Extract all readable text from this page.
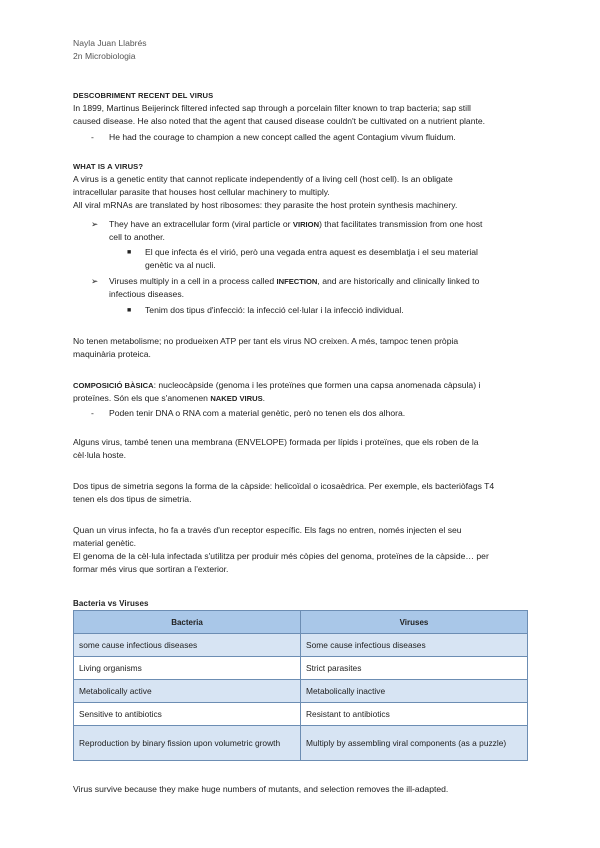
Nayla Juan Llabrés
2n Microbiologia
DESCOBRIMENT RECENT DEL VIRUS
In 1899, Martinus Beijerinck filtered infected sap through a porcelain filter known to trap bacteria; sap still
caused disease. He also noted that the agent that caused disease couldn't be cultivated on a nutrient plante.
- He had the courage to champion a new concept called the agent Contagium vivum fluidum.
WHAT IS A VIRUS?
A virus is a genetic entity that cannot replicate independently of a living cell (host cell). Is an obligate
intracellular parasite that houses host cellular machinery to multiply.
All viral mRNAs are translated by host ribosomes: they parasite the host protein synthesis machinery.
➢ They have an extracellular form (viral particle or VIRION) that facilitates transmission from one host
cell to another.
■ El que infecta és el virió, però una vegada entra aquest es desemblatja i el seu material
genètic va al nucli.
➢ Viruses multiply in a cell in a process called INFECTION, and are historically and clinically linked to
infectious diseases.
■ Tenim dos tipus d'infecció: la infecció cel·lular i la infecció individual.
No tenen metabolisme; no produeixen ATP per tant els virus NO creixen. A més, tampoc tenen pròpia
maquinària proteica.
COMPOSICIÓ BÀSICA: nucleocàpside (genoma i les proteïnes que formen una capsa anomenada càpsula) i
proteïnes. Són els que s'anomenen NAKED VIRUS.
- Poden tenir DNA o RNA com a material genètic, però no tenen els dos alhora.
Alguns virus, també tenen una membrana (ENVELOPE) formada per lípids i proteïnes, que els roben de la
cèl·lula hoste.
Dos tipus de simetria segons la forma de la càpside: helicoïdal o icosaèdrica. Per exemple, els bacteriòfags T4
tenen els dos tipus de simetria.
Quan un virus infecta, ho fa a través d'un receptor específic. Els fags no entren, només injecten el seu
material genètic.
El genoma de la cèl·lula infectada s'utilitza per produir més còpies del genoma, proteïnes de la càpside… per
formar més virus que sortiran a l'exterior.
Bacteria vs Viruses
Bacteria	Viruses
some cause infectious diseases	Some cause infectious diseases
Living organisms	Strict parasites
Metabolically active	Metabolically inactive
Sensitive to antibiotics	Resistant to antibiotics
Reproduction by binary fission upon volumetric growth	Multiply by assembling viral components (as a puzzle)
Virus survive because they make huge numbers of mutants, and selection removes the ill-adapted.
